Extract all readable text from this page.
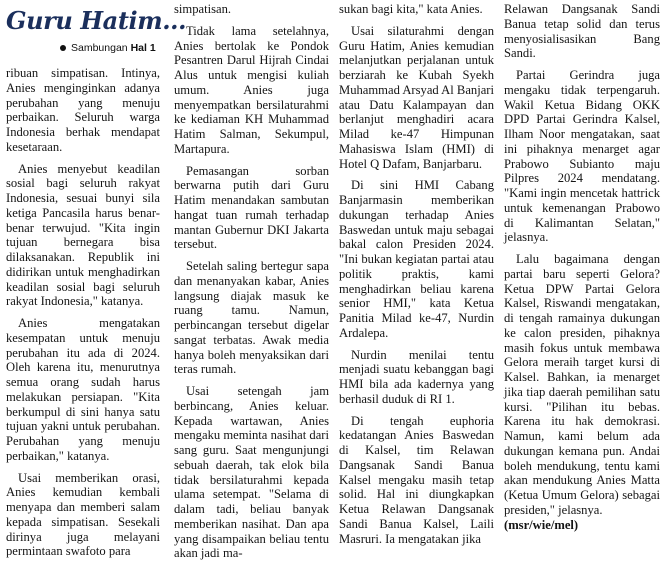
Guru Hatim...
Sambungan Hal 1

ribuan simpatisan. Intinya, Anies menginginkan adanya perubahan yang menuju perbaikan. Seluruh warga Indonesia berhak mendapat kesetaraan.

Anies menyebut keadilan sosial bagi seluruh rakyat Indonesia, sesuai bunyi sila ketiga Pancasila harus benar-benar terwujud. "Kita ingin tujuan bernegara bisa dilaksanakan. Republik ini didirikan untuk menghadirkan keadilan sosial bagi seluruh rakyat Indonesia," katanya.

Anies mengatakan kesempatan untuk menuju perubahan itu ada di 2024. Oleh karena itu, menurutnya semua orang sudah harus melakukan persiapan. "Kita berkumpul di sini hanya satu tujuan yakni untuk perubahan. Perubahan yang menuju perbaikan," katanya.

Usai memberikan orasi, Anies kemudian kembali menyapa dan memberi salam kepada simpatisan. Sesekali dirinya juga melayani permintaan swafoto para

simpatisan.

Tidak lama setelahnya, Anies bertolak ke Pondok Pesantren Darul Hijrah Cindai Alus untuk mengisi kuliah umum. Anies juga menyempatkan bersilaturahmi ke kediaman KH Muhammad Hatim Salman, Sekumpul, Martapura.

Pemasangan sorban berwarna putih dari Guru Hatim menandakan sambutan hangat tuan rumah terhadap mantan Gubernur DKI Jakarta tersebut.

Setelah saling bertegur sapa dan menanyakan kabar, Anies langsung diajak masuk ke ruang tamu. Namun, perbincangan tersebut digelar sangat terbatas. Awak media hanya boleh menyaksikan dari teras rumah.

Usai setengah jam berbincang, Anies keluar. Kepada wartawan, Anies mengaku meminta nasihat dari sang guru. Saat mengunjungi sebuah daerah, tak elok bila tidak bersilaturahmi kepada ulama setempat. "Selama di dalam tadi, beliau banyak memberikan nasihat. Dan apa yang disampaikan beliau tentu akan jadi ma-

sukan bagi kita," kata Anies.

Usai silaturahmi dengan Guru Hatim, Anies kemudian melanjutkan perjalanan untuk berziarah ke Kubah Syekh Muhammad Arsyad Al Banjari atau Datu Kalampayan dan berlanjut menghadiri acara Milad ke-47 Himpunan Mahasiswa Islam (HMI) di Hotel Q Dafam, Banjarbaru.

Di sini HMI Cabang Banjarmasin memberikan dukungan terhadap Anies Baswedan untuk maju sebagai bakal calon Presiden 2024. "Ini bukan kegiatan partai atau politik praktis, kami menghadirkan beliau karena senior HMI," kata Ketua Panitia Milad ke-47, Nurdin Ardalepa.

Nurdin menilai tentu menjadi suatu kebanggan bagi HMI bila ada kadernya yang berhasil duduk di RI 1.

Di tengah euphoria kedatangan Anies Baswedan di Kalsel, tim Relawan Dangsanak Sandi Banua Kalsel mengaku masih tetap solid. Hal ini diungkapkan Ketua Relawan Dangsanak Sandi Banua Kalsel, Laili Masruri. Ia mengatakan jika

Relawan Dangsanak Sandi Banua tetap solid dan terus menyosialisasikan Bang Sandi.

Partai Gerindra juga mengaku tidak terpengaruh. Wakil Ketua Bidang OKK DPD Partai Gerindra Kalsel, Ilham Noor mengatakan, saat ini pihaknya menarget agar Prabowo Subianto maju Pilpres 2024 mendatang. "Kami ingin mencetak hattrick untuk kemenangan Prabowo di Kalimantan Selatan," jelasnya.

Lalu bagaimana dengan partai baru seperti Gelora? Ketua DPW Partai Gelora Kalsel, Riswandi mengatakan, di tengah ramainya dukungan ke calon presiden, pihaknya masih fokus untuk membawa Gelora meraih target kursi di Kalsel. Bahkan, ia menarget jika tiap daerah pemilihan satu kursi. "Pilihan itu bebas. Karena itu hak demokrasi. Namun, kami belum ada dukungan kemana pun. Andai boleh mendukung, tentu kami akan mendukung Anies Matta (Ketua Umum Gelora) sebagai presiden," jelasnya.

(msr/wie/mel)
